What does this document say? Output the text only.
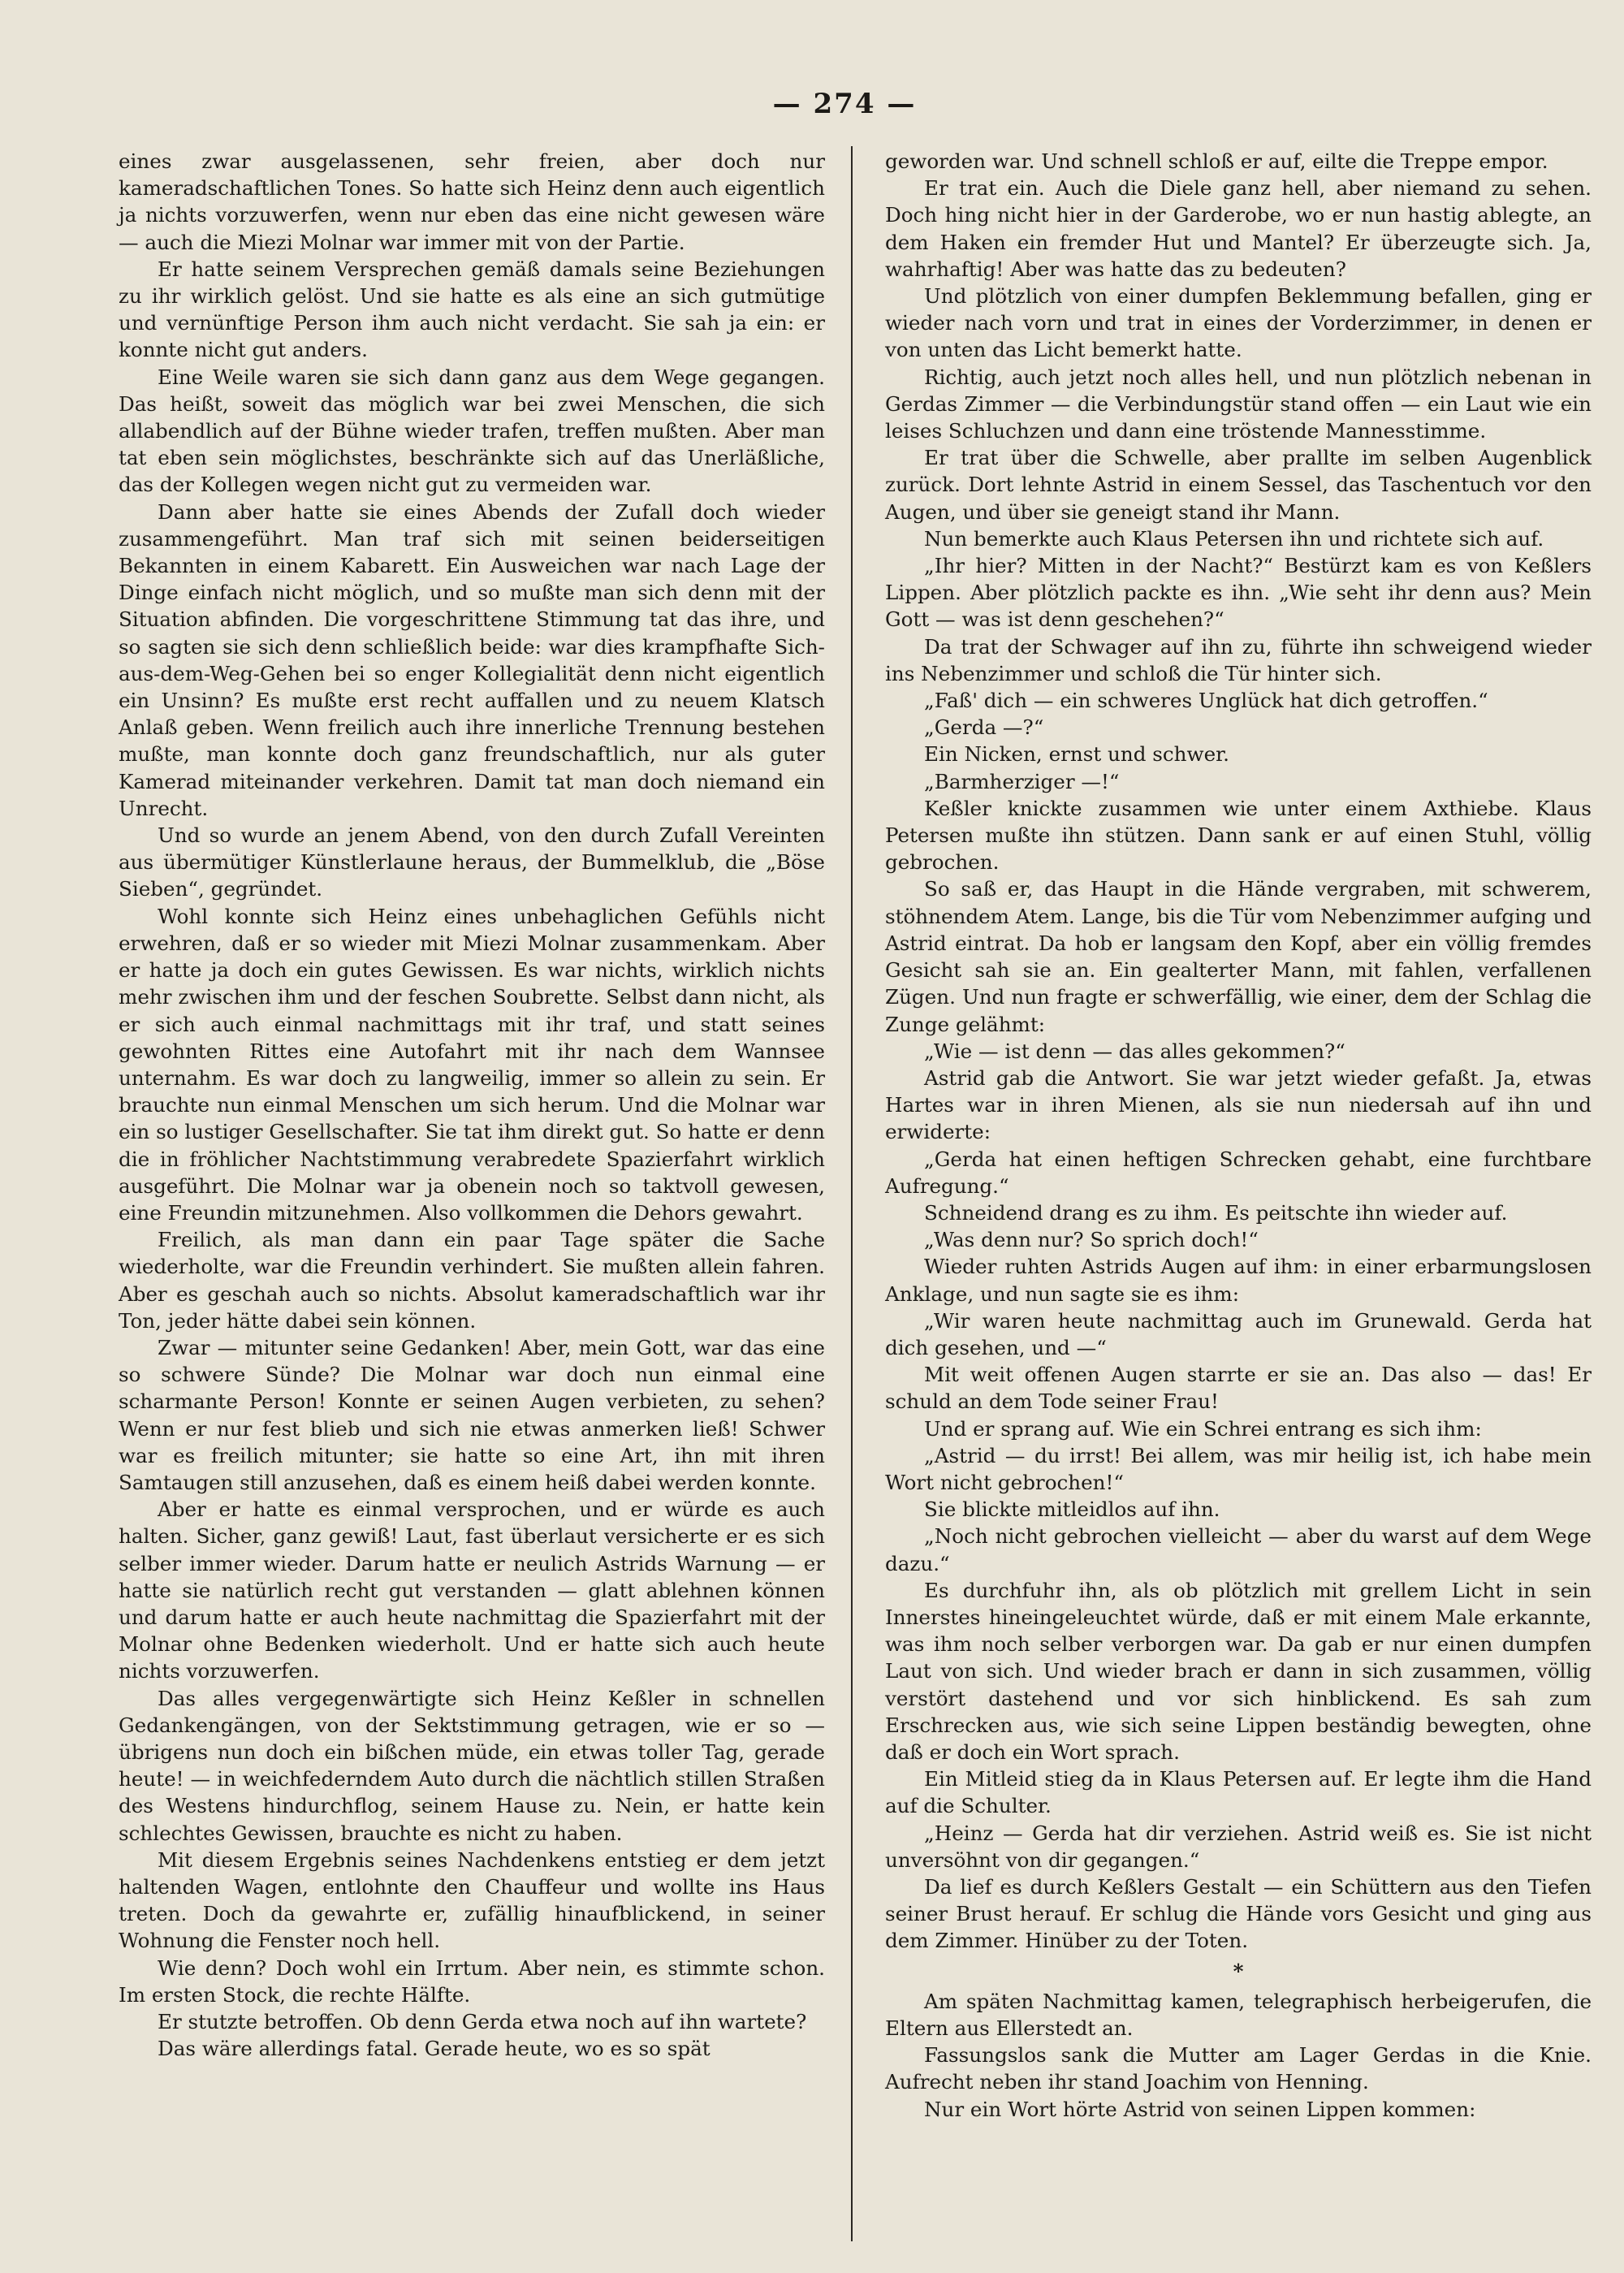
— 274 —

eines zwar ausgelassenen, sehr freien, aber doch nur kameradschaftlichen Tones. So hatte sich Heinz denn auch eigentlich ja nichts vorzuwerfen, wenn nur eben das eine nicht gewesen wäre — auch die Miezi Molnar war immer mit von der Partie.

Er hatte seinem Versprechen gemäß damals seine Beziehungen zu ihr wirklich gelöst. Und sie hatte es als eine an sich gutmütige und vernünftige Person ihm auch nicht verdacht. Sie sah ja ein: er konnte nicht gut anders.

Eine Weile waren sie sich dann ganz aus dem Wege gegangen. Das heißt, soweit das möglich war bei zwei Menschen, die sich allabendlich auf der Bühne wieder trafen, treffen mußten. Aber man tat eben sein möglichstes, beschränkte sich auf das Unerläßliche, das der Kollegen wegen nicht gut zu vermeiden war.

Dann aber hatte sie eines Abends der Zufall doch wieder zusammengeführt. Man traf sich mit seinen beiderseitigen Bekannten in einem Kabarett. Ein Ausweichen war nach Lage der Dinge einfach nicht möglich, und so mußte man sich denn mit der Situation abfinden. Die vorgeschrittene Stimmung tat das ihre, und so sagten sie sich denn schließlich beide: war dies krampfhafte Sich-aus-dem-Weg-Gehen bei so enger Kollegialität denn nicht eigentlich ein Unsinn? Es mußte erst recht auffallen und zu neuem Klatsch Anlaß geben. Wenn freilich auch ihre innerliche Trennung bestehen mußte, man konnte doch ganz freundschaftlich, nur als guter Kamerad miteinander verkehren. Damit tat man doch niemand ein Unrecht.

Und so wurde an jenem Abend, von den durch Zufall Vereinten aus übermütiger Künstlerlaune heraus, der Bummelklub, die „Böse Sieben“, gegründet.

Wohl konnte sich Heinz eines unbehaglichen Gefühls nicht erwehren, daß er so wieder mit Miezi Molnar zusammenkam. Aber er hatte ja doch ein gutes Gewissen. Es war nichts, wirklich nichts mehr zwischen ihm und der feschen Soubrette. Selbst dann nicht, als er sich auch einmal nachmittags mit ihr traf, und statt seines gewohnten Rittes eine Autofahrt mit ihr nach dem Wannsee unternahm. Es war doch zu langweilig, immer so allein zu sein. Er brauchte nun einmal Menschen um sich herum. Und die Molnar war ein so lustiger Gesellschafter. Sie tat ihm direkt gut. So hatte er denn die in fröhlicher Nachtstimmung verabredete Spazierfahrt wirklich ausgeführt. Die Molnar war ja obenein noch so taktvoll gewesen, eine Freundin mitzunehmen. Also vollkommen die Dehors gewahrt.

Freilich, als man dann ein paar Tage später die Sache wiederholte, war die Freundin verhindert. Sie mußten allein fahren. Aber es geschah auch so nichts. Absolut kameradschaftlich war ihr Ton, jeder hätte dabei sein können.

Zwar — mitunter seine Gedanken! Aber, mein Gott, war das eine so schwere Sünde? Die Molnar war doch nun einmal eine scharmante Person! Konnte er seinen Augen verbieten, zu sehen? Wenn er nur fest blieb und sich nie etwas anmerken ließ! Schwer war es freilich mitunter; sie hatte so eine Art, ihn mit ihren Samtaugen still anzusehen, daß es einem heiß dabei werden konnte.

Aber er hatte es einmal versprochen, und er würde es auch halten. Sicher, ganz gewiß! Laut, fast überlaut versicherte er es sich selber immer wieder. Darum hatte er neulich Astrids Warnung — er hatte sie natürlich recht gut verstanden — glatt ablehnen können und darum hatte er auch heute nachmittag die Spazierfahrt mit der Molnar ohne Bedenken wiederholt. Und er hatte sich auch heute nichts vorzuwerfen.

Das alles vergegenwärtigte sich Heinz Keßler in schnellen Gedankengängen, von der Sektstimmung getragen, wie er so — übrigens nun doch ein bißchen müde, ein etwas toller Tag, gerade heute! — in weichfederndem Auto durch die nächtlich stillen Straßen des Westens hindurchflog, seinem Hause zu. Nein, er hatte kein schlechtes Gewissen, brauchte es nicht zu haben.

Mit diesem Ergebnis seines Nachdenkens entstieg er dem jetzt haltenden Wagen, entlohnte den Chauffeur und wollte ins Haus treten. Doch da gewahrte er, zufällig hinaufblickend, in seiner Wohnung die Fenster noch hell.

Wie denn? Doch wohl ein Irrtum. Aber nein, es stimmte schon. Im ersten Stock, die rechte Hälfte.

Er stutzte betroffen. Ob denn Gerda etwa noch auf ihn wartete?

Das wäre allerdings fatal. Gerade heute, wo es so spät

geworden war. Und schnell schloß er auf, eilte die Treppe empor.

Er trat ein. Auch die Diele ganz hell, aber niemand zu sehen. Doch hing nicht hier in der Garderobe, wo er nun hastig ablegte, an dem Haken ein fremder Hut und Mantel? Er überzeugte sich. Ja, wahrhaftig! Aber was hatte das zu bedeuten?

Und plötzlich von einer dumpfen Beklemmung befallen, ging er wieder nach vorn und trat in eines der Vorderzimmer, in denen er von unten das Licht bemerkt hatte.

Richtig, auch jetzt noch alles hell, und nun plötzlich nebenan in Gerdas Zimmer — die Verbindungstür stand offen — ein Laut wie ein leises Schluchzen und dann eine tröstende Mannesstimme.

Er trat über die Schwelle, aber prallte im selben Augenblick zurück. Dort lehnte Astrid in einem Sessel, das Taschentuch vor den Augen, und über sie geneigt stand ihr Mann.

Nun bemerkte auch Klaus Petersen ihn und richtete sich auf.

„Ihr hier? Mitten in der Nacht?“ Bestürzt kam es von Keßlers Lippen. Aber plötzlich packte es ihn. „Wie seht ihr denn aus? Mein Gott — was ist denn geschehen?“

Da trat der Schwager auf ihn zu, führte ihn schweigend wieder ins Nebenzimmer und schloß die Tür hinter sich.

„Faß' dich — ein schweres Unglück hat dich getroffen.“

„Gerda —?“

Ein Nicken, ernst und schwer.

„Barmherziger —!“

Keßler knickte zusammen wie unter einem Axthiebe. Klaus Petersen mußte ihn stützen. Dann sank er auf einen Stuhl, völlig gebrochen.

So saß er, das Haupt in die Hände vergraben, mit schwerem, stöhnendem Atem. Lange, bis die Tür vom Nebenzimmer aufging und Astrid eintrat. Da hob er langsam den Kopf, aber ein völlig fremdes Gesicht sah sie an. Ein gealterter Mann, mit fahlen, verfallenen Zügen. Und nun fragte er schwerfällig, wie einer, dem der Schlag die Zunge gelähmt:

„Wie — ist denn — das alles gekommen?“

Astrid gab die Antwort. Sie war jetzt wieder gefaßt. Ja, etwas Hartes war in ihren Mienen, als sie nun niedersah auf ihn und erwiderte:

„Gerda hat einen heftigen Schrecken gehabt, eine furchtbare Aufregung.“

Schneidend drang es zu ihm. Es peitschte ihn wieder auf.

„Was denn nur? So sprich doch!“

Wieder ruhten Astrids Augen auf ihm: in einer erbarmungslosen Anklage, und nun sagte sie es ihm:

„Wir waren heute nachmittag auch im Grunewald. Gerda hat dich gesehen, und —“

Mit weit offenen Augen starrte er sie an. Das also — das! Er schuld an dem Tode seiner Frau!

Und er sprang auf. Wie ein Schrei entrang es sich ihm:

„Astrid — du irrst! Bei allem, was mir heilig ist, ich habe mein Wort nicht gebrochen!“

Sie blickte mitleidlos auf ihn.

„Noch nicht gebrochen vielleicht — aber du warst auf dem Wege dazu.“

Es durchfuhr ihn, als ob plötzlich mit grellem Licht in sein Innerstes hineingeleuchtet würde, daß er mit einem Male erkannte, was ihm noch selber verborgen war. Da gab er nur einen dumpfen Laut von sich. Und wieder brach er dann in sich zusammen, völlig verstört dastehend und vor sich hinblickend. Es sah zum Erschrecken aus, wie sich seine Lippen beständig bewegten, ohne daß er doch ein Wort sprach.

Ein Mitleid stieg da in Klaus Petersen auf. Er legte ihm die Hand auf die Schulter.

„Heinz — Gerda hat dir verziehen. Astrid weiß es. Sie ist nicht unversöhnt von dir gegangen.“

Da lief es durch Keßlers Gestalt — ein Schüttern aus den Tiefen seiner Brust herauf. Er schlug die Hände vors Gesicht und ging aus dem Zimmer. Hinüber zu der Toten.

*

Am späten Nachmittag kamen, telegraphisch herbeigerufen, die Eltern aus Ellerstedt an.

Fassungslos sank die Mutter am Lager Gerdas in die Knie. Aufrecht neben ihr stand Joachim von Henning.

Nur ein Wort hörte Astrid von seinen Lippen kommen:
